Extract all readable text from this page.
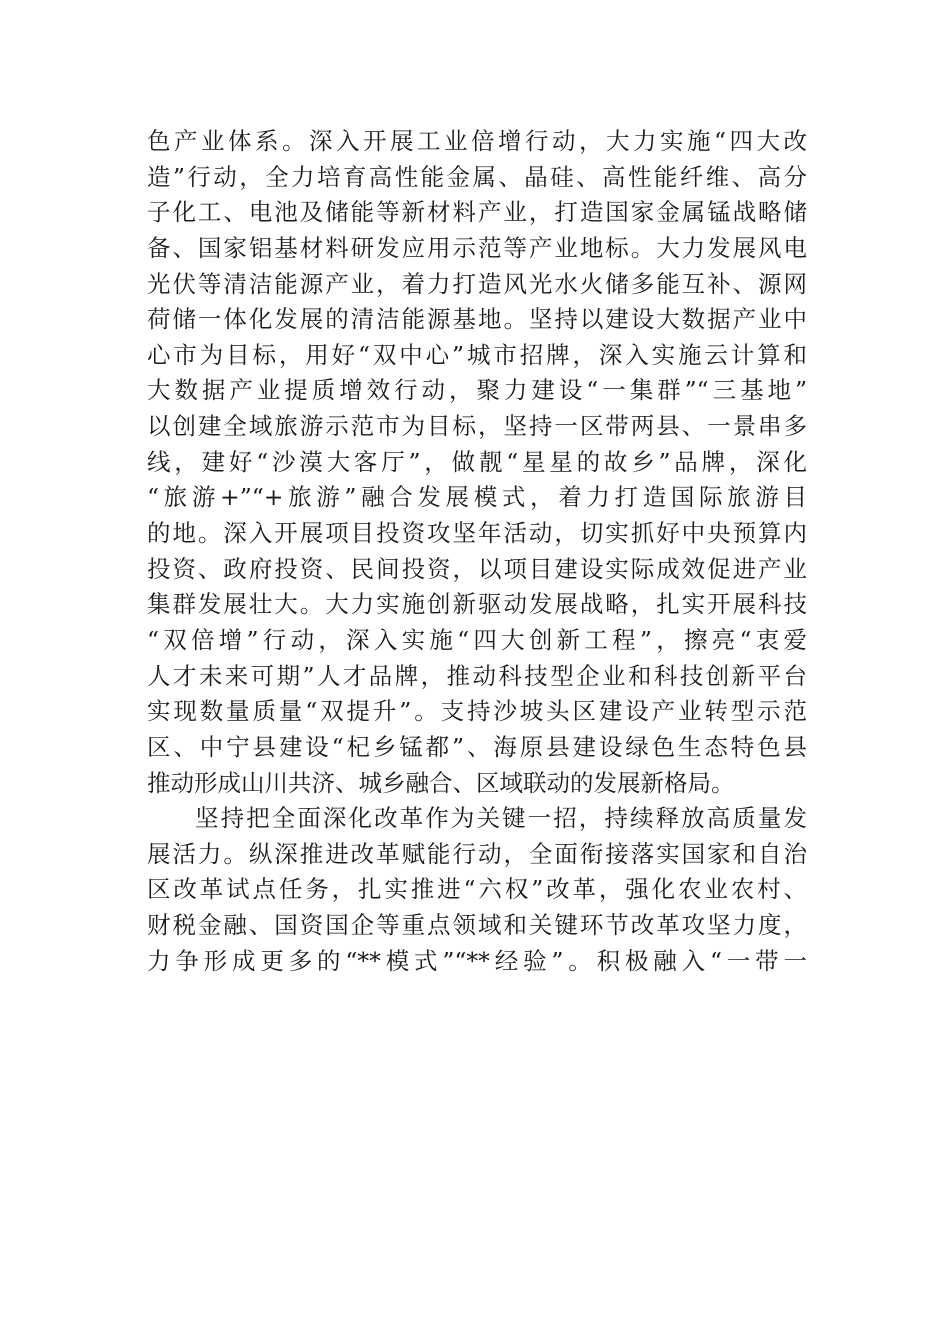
色产业体系。深入开展工业倍增行动，大力实施“四大改
造”行动，全力培育高性能金属、晶硅、高性能纤维、高分
子化工、电池及储能等新材料产业，打造国家金属锰战略储
备、国家铝基材料研发应用示范等产业地标。大力发展风电
光伏等清洁能源产业，着力打造风光水火储多能互补、源网
荷储一体化发展的清洁能源基地。坚持以建设大数据产业中
心市为目标，用好“双中心”城市招牌，深入实施云计算和
大数据产业提质增效行动，聚力建设“一集群”“三基地”
以创建全域旅游示范市为目标，坚持一区带两县、一景串多
线，建好“沙漠大客厅”，做靓“星星的故乡”品牌，深化
“旅游+”“+旅游”融合发展模式，着力打造国际旅游目
的地。深入开展项目投资攻坚年活动，切实抓好中央预算内
投资、政府投资、民间投资，以项目建设实际成效促进产业
集群发展壮大。大力实施创新驱动发展战略，扎实开展科技
“双倍增”行动，深入实施“四大创新工程”，擦亮“衷爱
人才未来可期”人才品牌，推动科技型企业和科技创新平台
实现数量质量“双提升”。支持沙坡头区建设产业转型示范
区、中宁县建设“杞乡锰都”、海原县建设绿色生态特色县
推动形成山川共济、城乡融合、区域联动的发展新格局。
坚持把全面深化改革作为关键一招，持续释放高质量发
展活力。纵深推进改革赋能行动，全面衔接落实国家和自治
区改革试点任务，扎实推进“六权”改革，强化农业农村、
财税金融、国资国企等重点领域和关键环节改革攻坚力度，
力争形成更多的“**模式”“**经验”。积极融入“一带一
